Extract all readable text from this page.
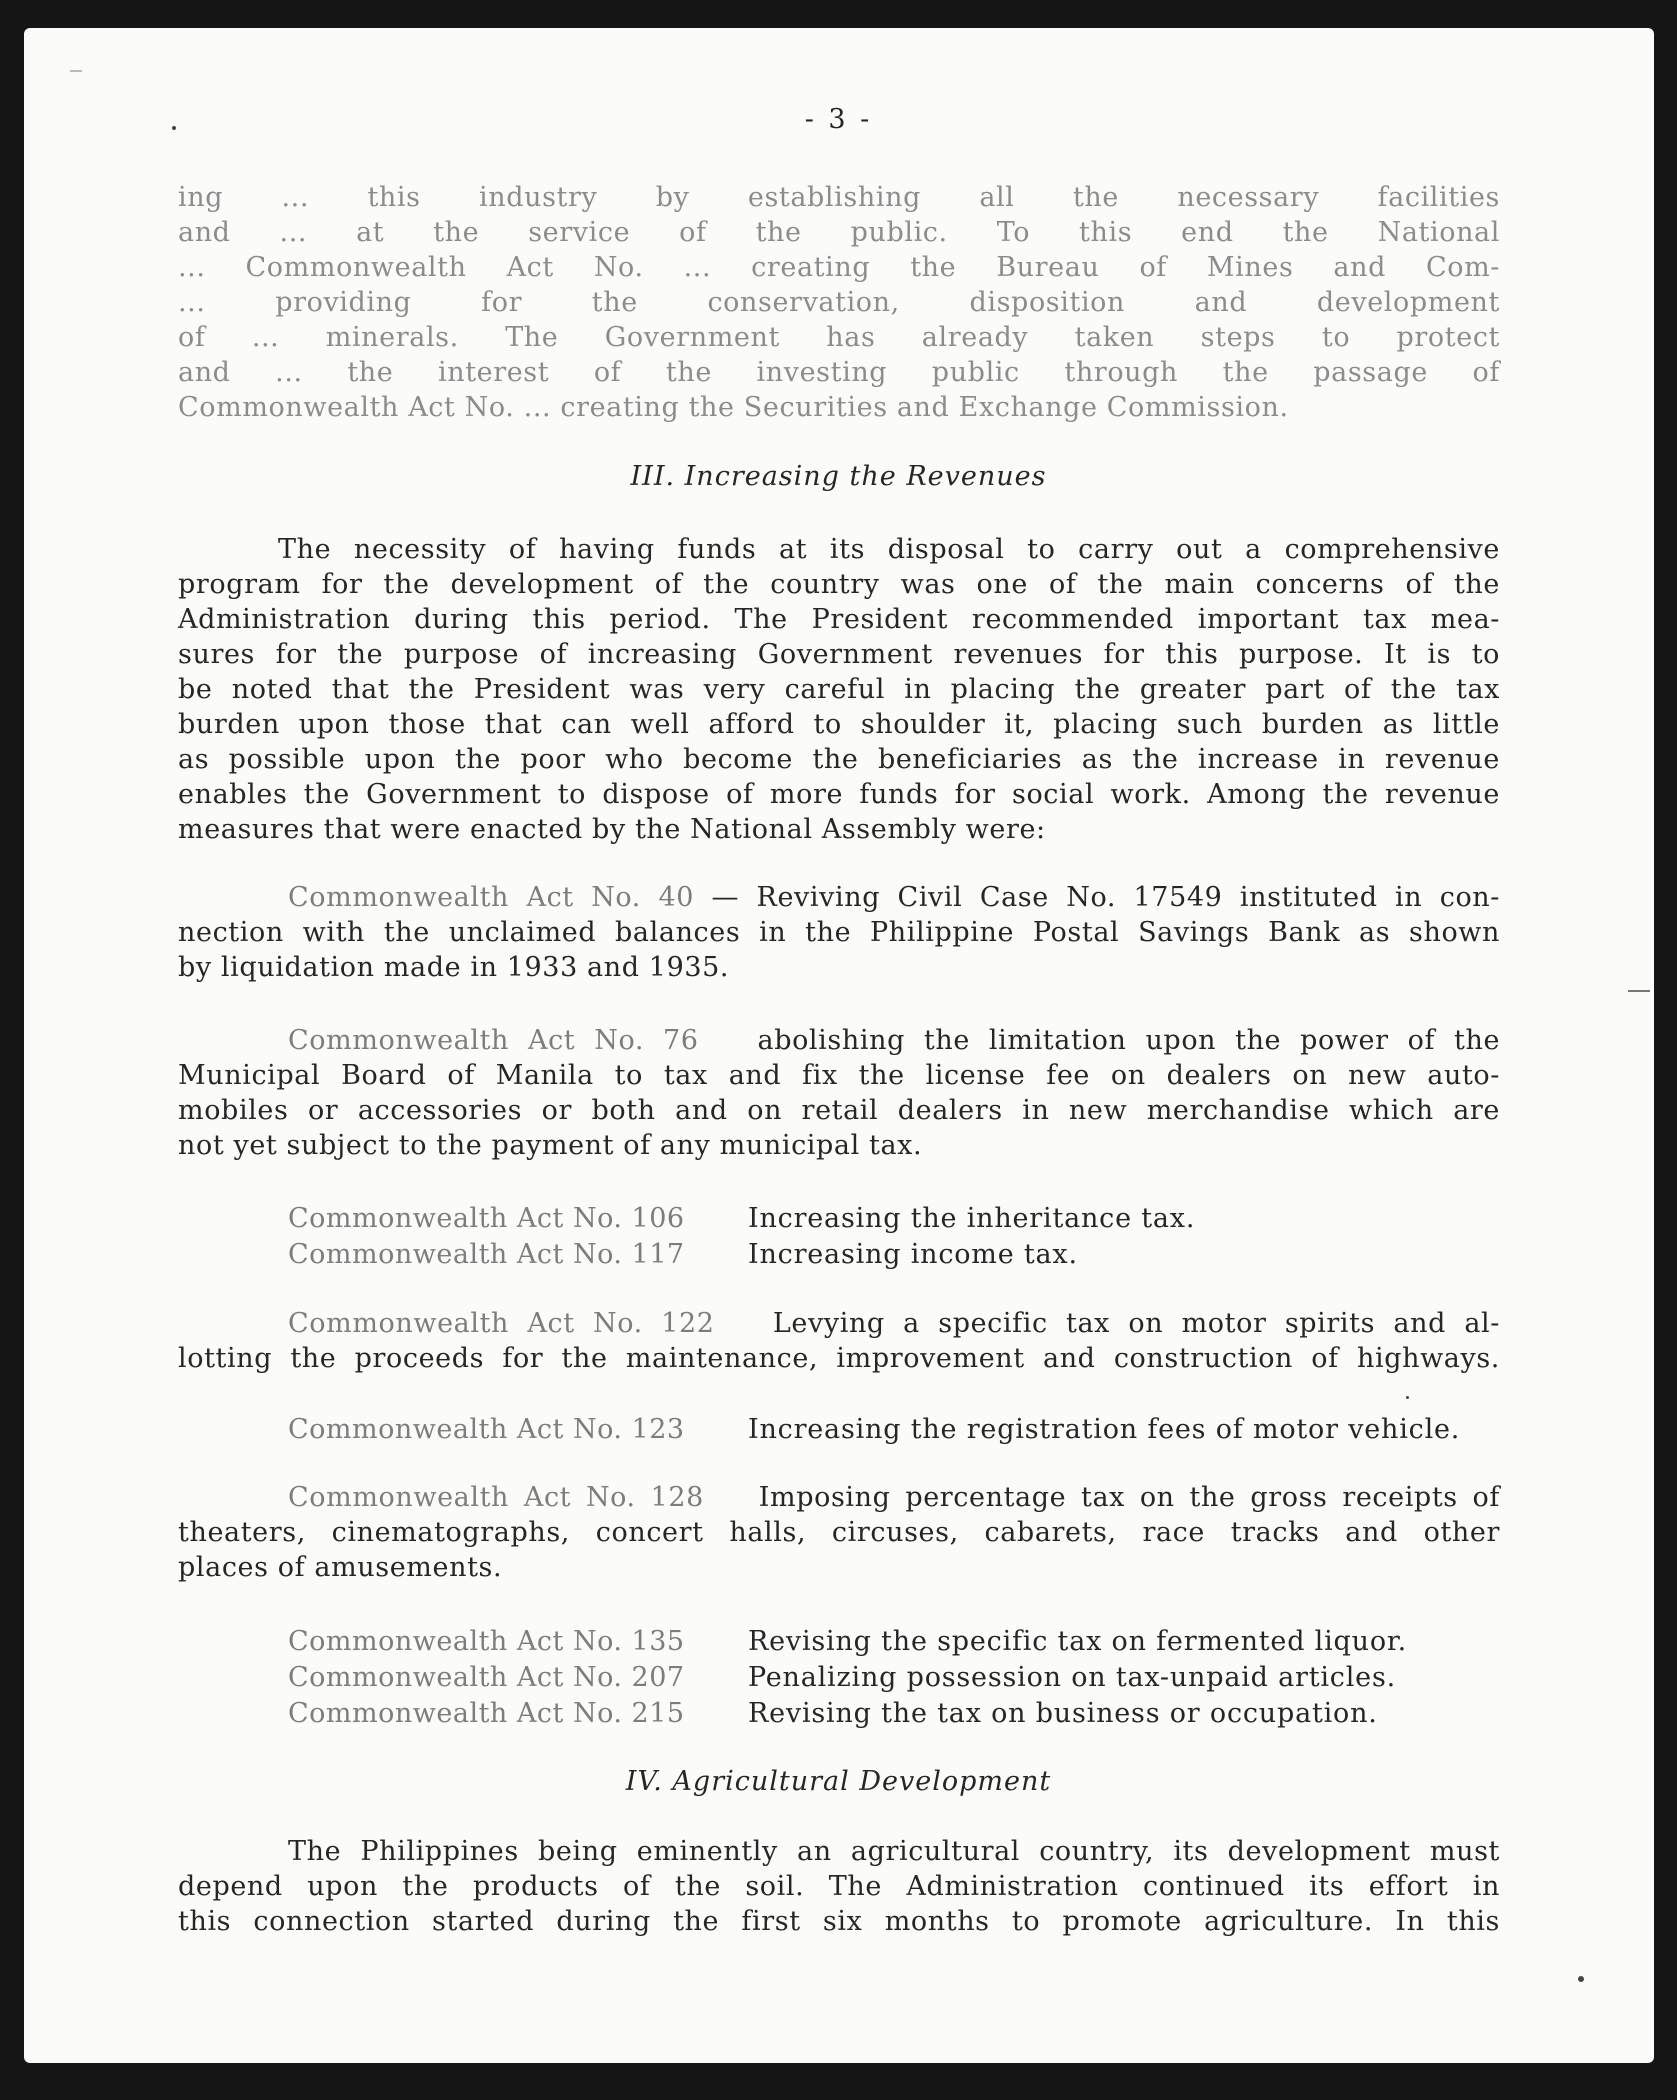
- 3 -
ing ... this industry by establishing all the necessary facilities
and ... at the service of the public. To this end the National
... Commonwealth Act No. ... creating the Bureau of Mines and Com-
... providing for the conservation, disposition and development
of ... minerals. The Government has already taken steps to protect
and ... the interest of the investing public through the passage of
Commonwealth Act No. ... creating the Securities and Exchange Commission.
III. Increasing the Revenues
The necessity of having funds at its disposal to carry out a comprehensive
program for the development of the country was one of the main concerns of the
Administration during this period. The President recommended important tax mea-
sures for the purpose of increasing Government revenues for this purpose. It is to
be noted that the President was very careful in placing the greater part of the tax
burden upon those that can well afford to shoulder it, placing such burden as little
as possible upon the poor who become the beneficiaries as the increase in revenue
enables the Government to dispose of more funds for social work. Among the revenue
measures that were enacted by the National Assembly were:
Commonwealth Act No. 40 — Reviving Civil Case No. 17549 instituted in con-
nection with the unclaimed balances in the Philippine Postal Savings Bank as shown
by liquidation made in 1933 and 1935.
Commonwealth Act No. 76 abolishing the limitation upon the power of the
Municipal Board of Manila to tax and fix the license fee on dealers on new auto-
mobiles or accessories or both and on retail dealers in new merchandise which are
not yet subject to the payment of any municipal tax.
Commonwealth Act No. 106	Increasing the inheritance tax.
Commonwealth Act No. 117	Increasing income tax.
Commonwealth Act No. 122 Levying a specific tax on motor spirits and al-
lotting the proceeds for the maintenance, improvement and construction of highways.
Commonwealth Act No. 123	Increasing the registration fees of motor vehicle.
Commonwealth Act No. 128 Imposing percentage tax on the gross receipts of
theaters, cinematographs, concert halls, circuses, cabarets, race tracks and other
places of amusements.
Commonwealth Act No. 135	Revising the specific tax on fermented liquor.
Commonwealth Act No. 207	Penalizing possession on tax-unpaid articles.
Commonwealth Act No. 215	Revising the tax on business or occupation.
IV. Agricultural Development
The Philippines being eminently an agricultural country, its development must
depend upon the products of the soil. The Administration continued its effort in
this connection started during the first six months to promote agriculture. In this
